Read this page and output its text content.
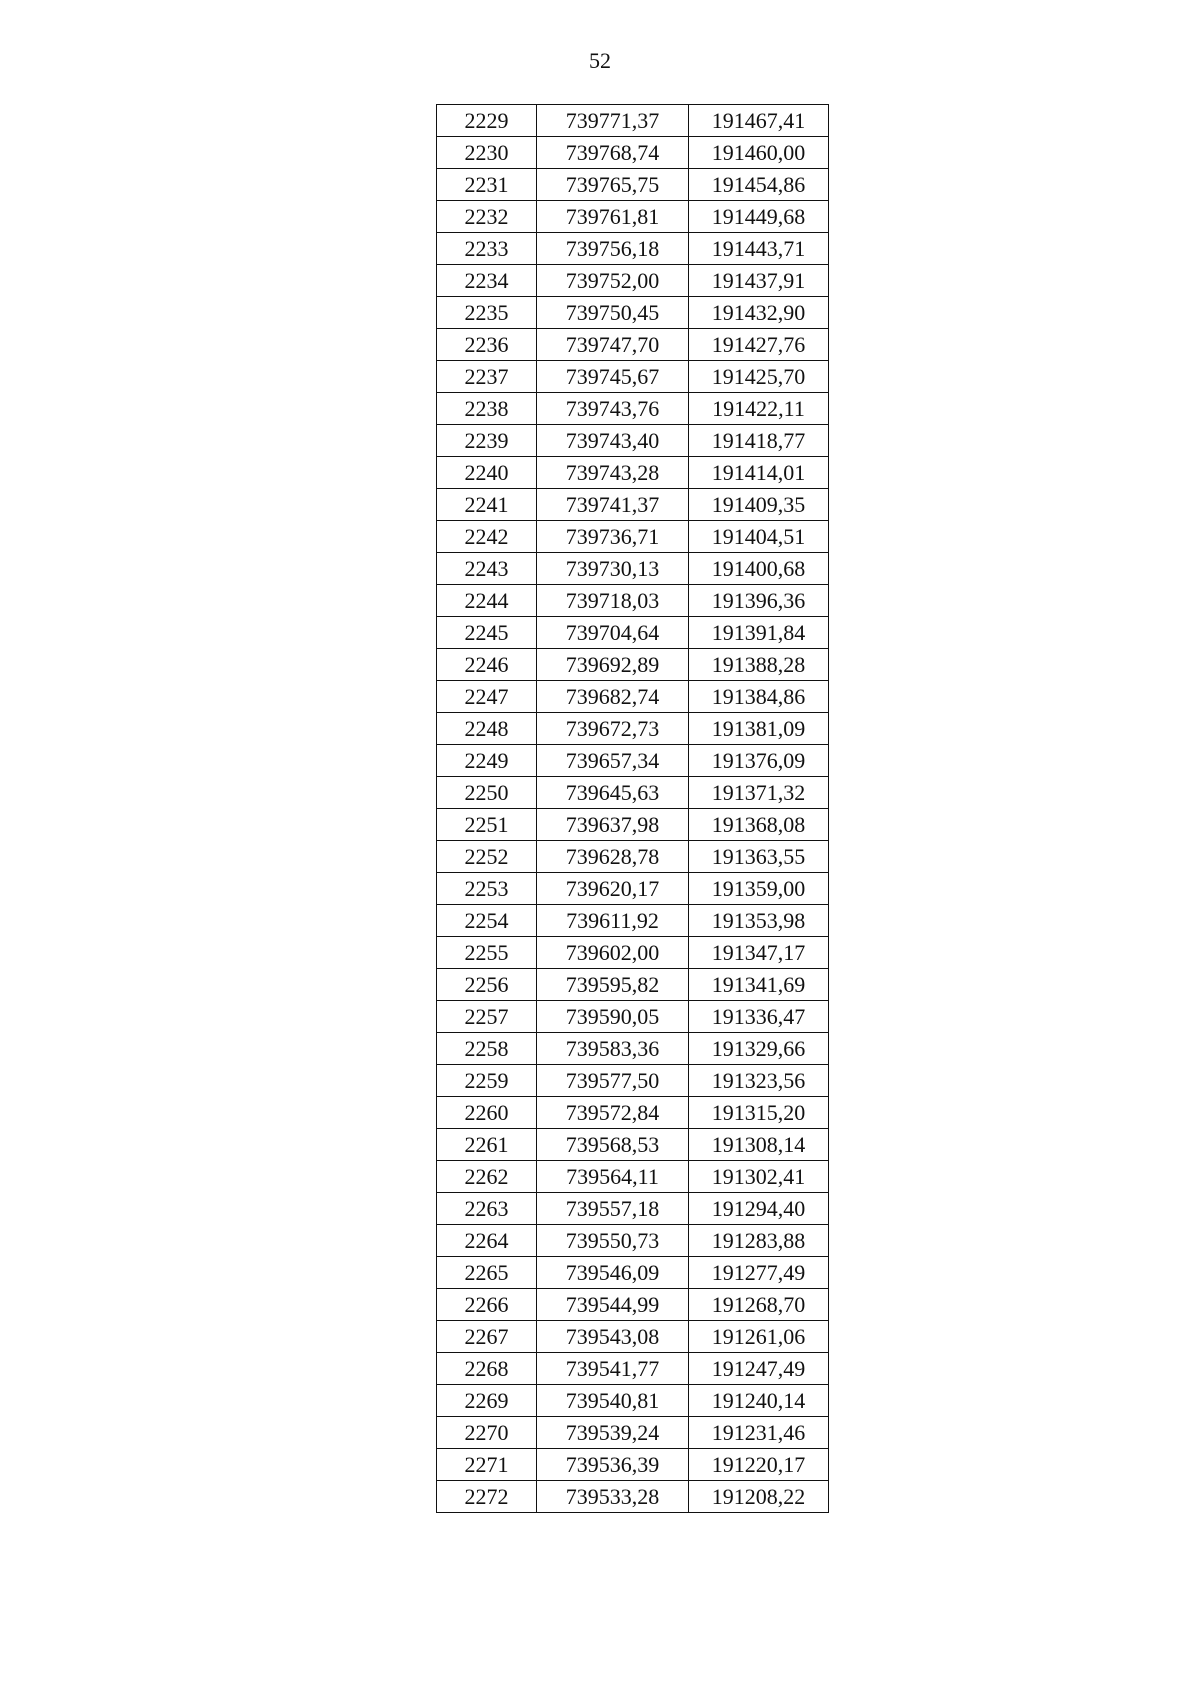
52
2229	739771,37	191467,41
2230	739768,74	191460,00
2231	739765,75	191454,86
2232	739761,81	191449,68
2233	739756,18	191443,71
2234	739752,00	191437,91
2235	739750,45	191432,90
2236	739747,70	191427,76
2237	739745,67	191425,70
2238	739743,76	191422,11
2239	739743,40	191418,77
2240	739743,28	191414,01
2241	739741,37	191409,35
2242	739736,71	191404,51
2243	739730,13	191400,68
2244	739718,03	191396,36
2245	739704,64	191391,84
2246	739692,89	191388,28
2247	739682,74	191384,86
2248	739672,73	191381,09
2249	739657,34	191376,09
2250	739645,63	191371,32
2251	739637,98	191368,08
2252	739628,78	191363,55
2253	739620,17	191359,00
2254	739611,92	191353,98
2255	739602,00	191347,17
2256	739595,82	191341,69
2257	739590,05	191336,47
2258	739583,36	191329,66
2259	739577,50	191323,56
2260	739572,84	191315,20
2261	739568,53	191308,14
2262	739564,11	191302,41
2263	739557,18	191294,40
2264	739550,73	191283,88
2265	739546,09	191277,49
2266	739544,99	191268,70
2267	739543,08	191261,06
2268	739541,77	191247,49
2269	739540,81	191240,14
2270	739539,24	191231,46
2271	739536,39	191220,17
2272	739533,28	191208,22
